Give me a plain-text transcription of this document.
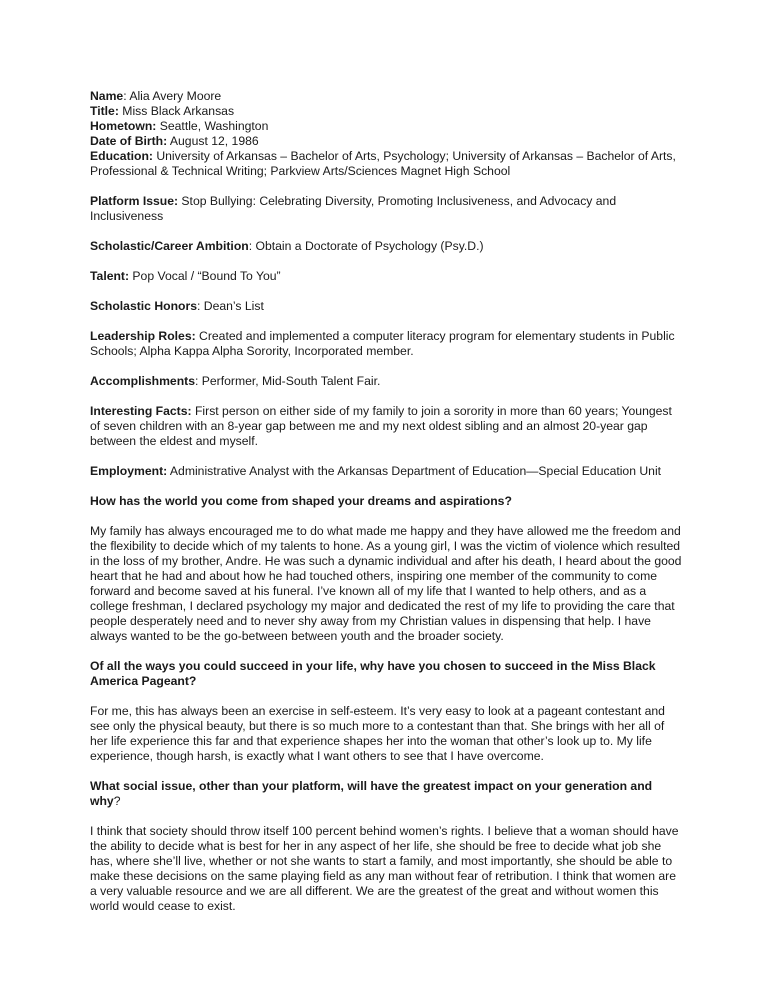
Name: Alia Avery Moore

Title: Miss Black Arkansas

Hometown: Seattle, Washington

Date of Birth: August 12, 1986

Education: University of Arkansas – Bachelor of Arts, Psychology; University of Arkansas – Bachelor of Arts, Professional & Technical Writing; Parkview Arts/Sciences Magnet High School

Platform Issue: Stop Bullying: Celebrating Diversity, Promoting Inclusiveness, and Advocacy and Inclusiveness

Scholastic/Career Ambition: Obtain a Doctorate of Psychology (Psy.D.)

Talent: Pop Vocal / “Bound To You”

Scholastic Honors: Dean’s List

Leadership Roles: Created and implemented a computer literacy program for elementary students in Public Schools; Alpha Kappa Alpha Sorority, Incorporated member.

Accomplishments: Performer, Mid-South Talent Fair.

Interesting Facts: First person on either side of my family to join a sorority in more than 60 years; Youngest of seven children with an 8-year gap between me and my next oldest sibling and an almost 20-year gap between the eldest and myself.

Employment: Administrative Analyst with the Arkansas Department of Education—Special Education Unit

How has the world you come from shaped your dreams and aspirations?

My family has always encouraged me to do what made me happy and they have allowed me the freedom and the flexibility to decide which of my talents to hone. As a young girl, I was the victim of violence which resulted in the loss of my brother, Andre. He was such a dynamic individual and after his death, I heard about the good heart that he had and about how he had touched others, inspiring one member of the community to come forward and become saved at his funeral. I’ve known all of my life that I wanted to help others, and as a college freshman, I declared psychology my major and dedicated the rest of my life to providing the care that people desperately need and to never shy away from my Christian values in dispensing that help. I have always wanted to be the go-between between youth and the broader society.

Of all the ways you could succeed in your life, why have you chosen to succeed in the Miss Black America Pageant?

For me, this has always been an exercise in self-esteem. It’s very easy to look at a pageant contestant and see only the physical beauty, but there is so much more to a contestant than that. She brings with her all of her life experience this far and that experience shapes her into the woman that other’s look up to. My life experience, though harsh, is exactly what I want others to see that I have overcome.

What social issue, other than your platform, will have the greatest impact on your generation and why?

I think that society should throw itself 100 percent behind women’s rights. I believe that a woman should have the ability to decide what is best for her in any aspect of her life, she should be free to decide what job she has, where she’ll live, whether or not she wants to start a family, and most importantly, she should be able to make these decisions on the same playing field as any man without fear of retribution. I think that women are a very valuable resource and we are all different. We are the greatest of the great and without women this world would cease to exist.
